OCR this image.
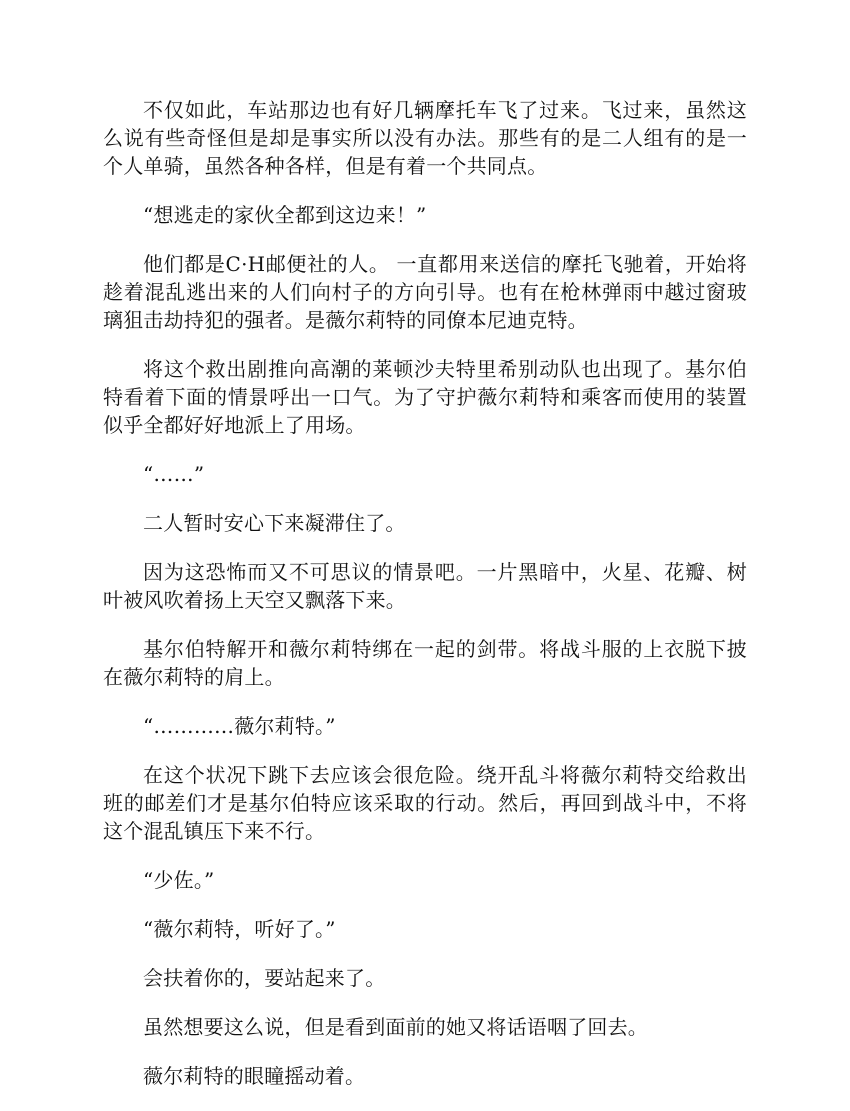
不仅如此，车站那边也有好几辆摩托车飞了过来。飞过来，虽然这么说有些奇怪但是却是事实所以没有办法。那些有的是二人组有的是一个人单骑，虽然各种各样，但是有着一个共同点。

“想逃走的家伙全都到这边来！”

他们都是C·H邮便社的人。 一直都用来送信的摩托飞驰着，开始将趁着混乱逃出来的人们向村子的方向引导。也有在枪林弹雨中越过窗玻璃狙击劫持犯的强者。是薇尔莉特的同僚本尼迪克特。

将这个救出剧推向高潮的莱顿沙夫特里希别动队也出现了。基尔伯特看着下面的情景呼出一口气。为了守护薇尔莉特和乘客而使用的装置似乎全都好好地派上了用场。

“……”

二人暂时安心下来凝滞住了。

因为这恐怖而又不可思议的情景吧。一片黑暗中，火星、花瓣、树叶被风吹着扬上天空又飘落下来。

基尔伯特解开和薇尔莉特绑在一起的剑带。将战斗服的上衣脱下披在薇尔莉特的肩上。

“…………薇尔莉特。”

在这个状况下跳下去应该会很危险。绕开乱斗将薇尔莉特交给救出班的邮差们才是基尔伯特应该采取的行动。然后，再回到战斗中，不将这个混乱镇压下来不行。

“少佐。”

“薇尔莉特，听好了。”

会扶着你的，要站起来了。

虽然想要这么说，但是看到面前的她又将话语咽了回去。

薇尔莉特的眼瞳摇动着。
